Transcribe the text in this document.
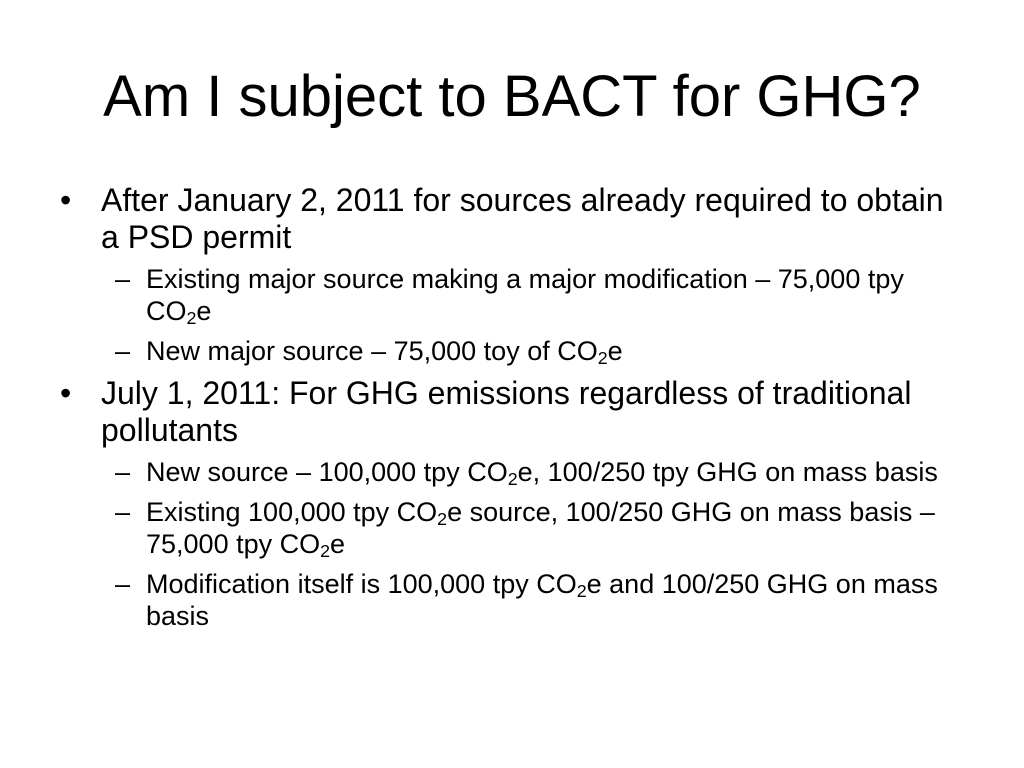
Am I subject to BACT for GHG?
• After January 2, 2011 for sources already required to obtain a PSD permit
– Existing major source making a major modification – 75,000 tpy $CO_2e$
– New major source – 75,000 toy of $CO_2e$
• July 1, 2011: For GHG emissions regardless of traditional pollutants
– New source – 100,000 tpy $CO_2e$, 100/250 tpy GHG on mass basis
– Existing 100,000 tpy $CO_2e$ source, 100/250 GHG on mass basis – 75,000 tpy $CO_2e$
– Modification itself is 100,000 tpy $CO_2e$ and 100/250 GHG on mass basis
